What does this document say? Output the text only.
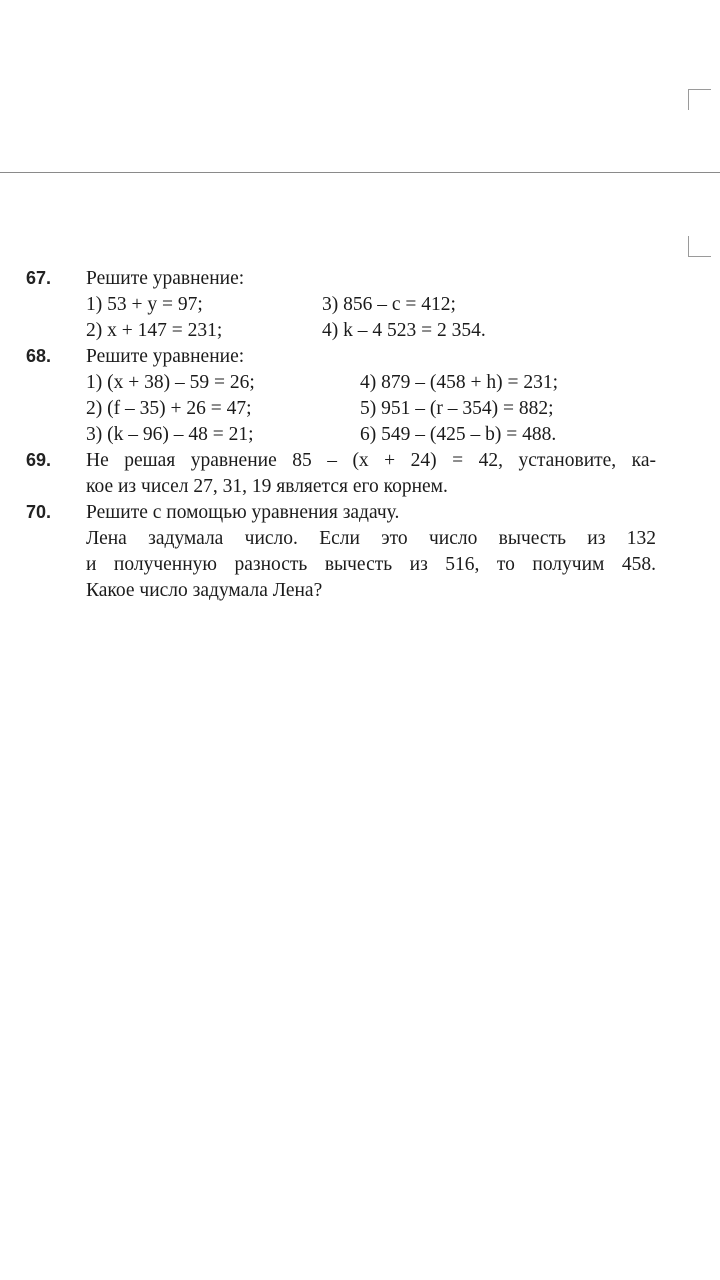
67. Решите уравнение:
1) 53 + y = 97;	3) 856 – c = 412;
2) x + 147 = 231;	4) k – 4 523 = 2 354.
68. Решите уравнение:
1) (x + 38) – 59 = 26;	4) 879 – (458 + h) = 231;
2) (f – 35) + 26 = 47;	5) 951 – (r – 354) = 882;
3) (k – 96) – 48 = 21;	6) 549 – (425 – b) = 488.
69. Не решая уравнение 85 – (x + 24) = 42, установите, ка-
кое из чисел 27, 31, 19 является его корнем.
70. Решите с помощью уравнения задачу.
Лена задумала число. Если это число вычесть из 132
и полученную разность вычесть из 516, то получим 458.
Какое число задумала Лена?
